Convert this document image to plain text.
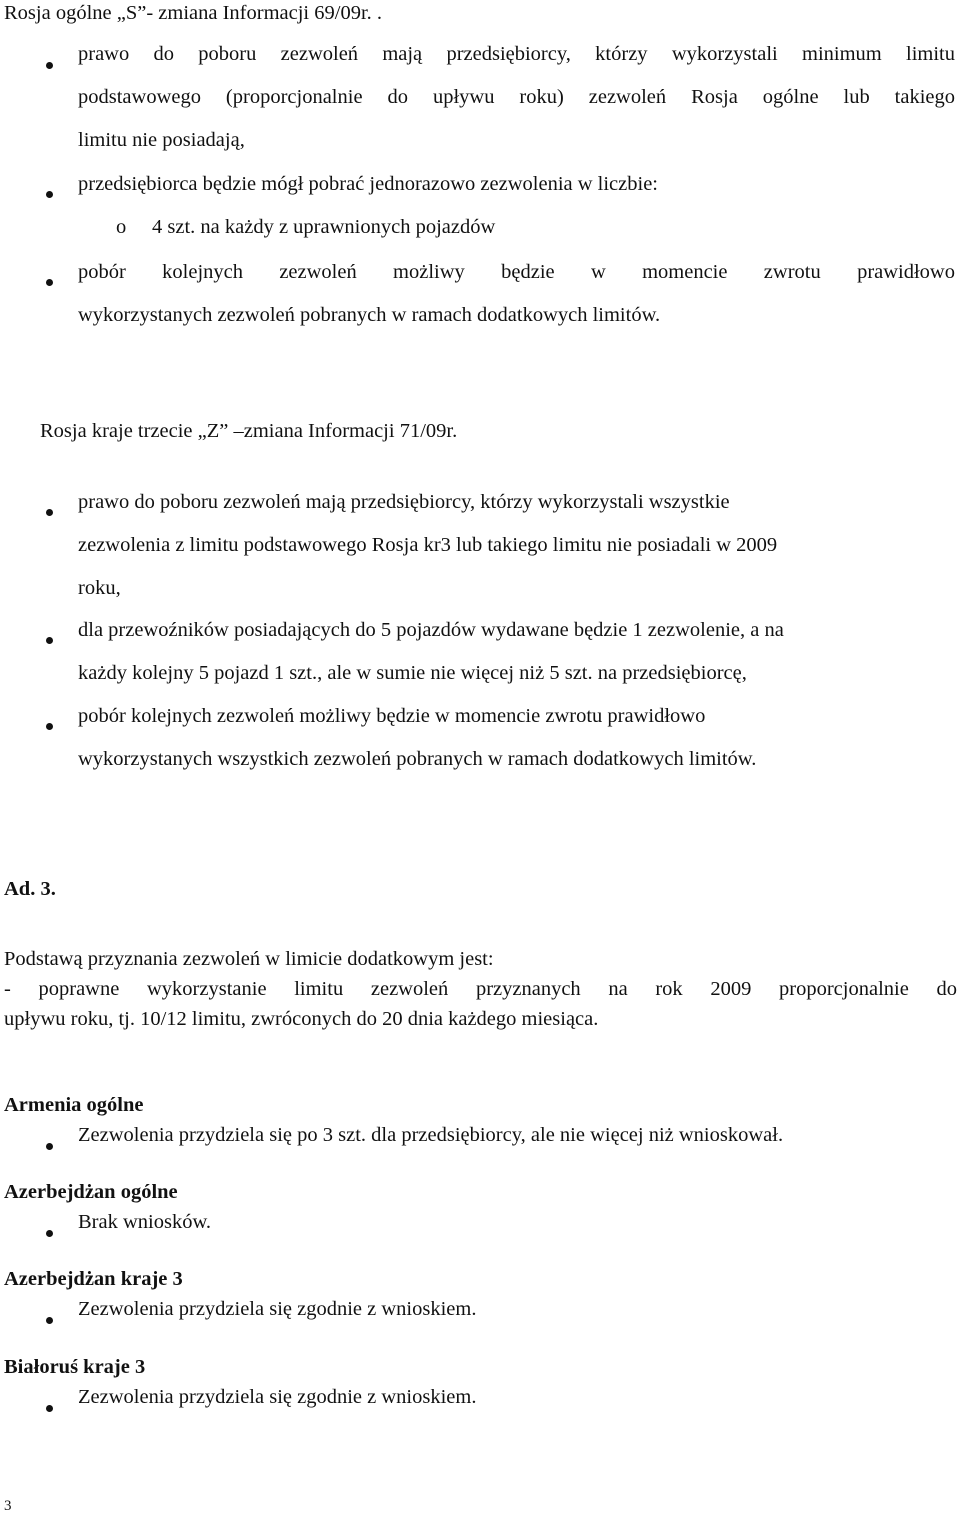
Rosja ogólne „S”- zmiana Informacji 69/09r. .
prawo do poboru zezwoleń mają przedsiębiorcy, którzy wykorzystali minimum limitu
podstawowego (proporcjonalnie do upływu roku) zezwoleń Rosja ogólne lub takiego
limitu nie posiadają,
przedsiębiorca będzie mógł pobrać jednorazowo zezwolenia w liczbie:
o 4 szt. na każdy z uprawnionych pojazdów
pobór kolejnych zezwoleń możliwy będzie w momencie zwrotu prawidłowo
wykorzystanych zezwoleń pobranych w ramach dodatkowych limitów.
Rosja kraje trzecie „Z” –zmiana Informacji 71/09r.
prawo do poboru zezwoleń mają przedsiębiorcy, którzy wykorzystali wszystkie
zezwolenia z limitu podstawowego Rosja kr3 lub takiego limitu nie posiadali w 2009
roku,
dla przewoźników posiadających do 5 pojazdów wydawane będzie 1 zezwolenie, a na
każdy kolejny 5 pojazd 1 szt., ale w sumie nie więcej niż 5 szt. na przedsiębiorcę,
pobór kolejnych zezwoleń możliwy będzie w momencie zwrotu prawidłowo
wykorzystanych wszystkich zezwoleń pobranych w ramach dodatkowych limitów.
Ad. 3.
Podstawą przyznania zezwoleń w limicie dodatkowym jest:
- poprawne wykorzystanie limitu zezwoleń przyznanych na rok 2009 proporcjonalnie do
upływu roku, tj. 10/12 limitu, zwróconych do 20 dnia każdego miesiąca.
Armenia ogólne
Zezwolenia przydziela się po 3 szt. dla przedsiębiorcy, ale nie więcej niż wnioskował.
Azerbejdżan ogólne
Brak wniosków.
Azerbejdżan kraje 3
Zezwolenia przydziela się zgodnie z wnioskiem.
Białoruś kraje 3
Zezwolenia przydziela się zgodnie z wnioskiem.
3
